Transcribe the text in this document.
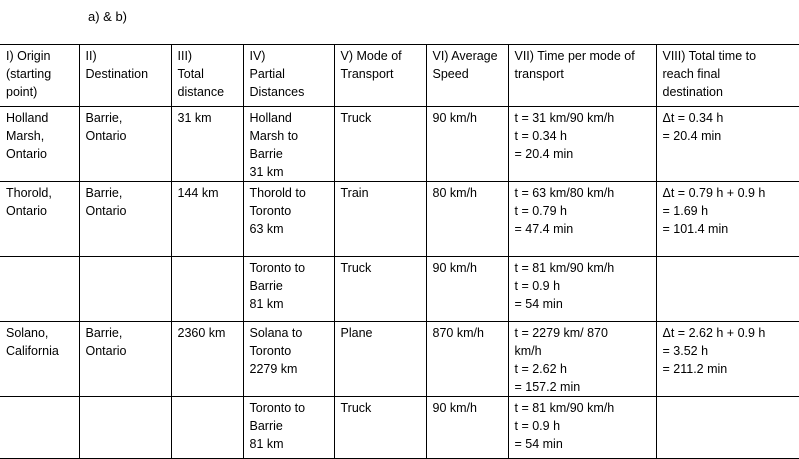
a) & b)
I) Origin
(starting
point)	II)
Destination	III)
Total
distance	IV)
Partial
Distances	V) Mode of
Transport	VI) Average
Speed	VII) Time per mode of
transport	VIII) Total time to
reach final
destination

Holland
Marsh,
Ontario	Barrie,
Ontario	31 km	Holland
Marsh to
Barrie
31 km	Truck	90 km/h	t = 31 km/90 km/h
t = 0.34 h
= 20.4 min	Δt = 0.34 h
= 20.4 min

Thorold,
Ontario	Barrie,
Ontario	144 km	Thorold to
Toronto
63 km	Train	80 km/h	t = 63 km/80 km/h
t = 0.79 h
= 47.4 min	Δt = 0.79 h + 0.9 h
= 1.69 h
= 101.4 min

			Toronto to
Barrie
81 km	Truck	90 km/h	t = 81 km/90 km/h
t = 0.9 h
= 54 min	

Solano,
California	Barrie,
Ontario	2360 km	Solana to
Toronto
2279 km	Plane	870 km/h	t = 2279 km/ 870
km/h
t = 2.62 h
= 157.2 min	Δt = 2.62 h + 0.9 h
= 3.52 h
= 211.2 min

			Toronto to
Barrie
81 km	Truck	90 km/h	t = 81 km/90 km/h
t = 0.9 h
= 54 min	
